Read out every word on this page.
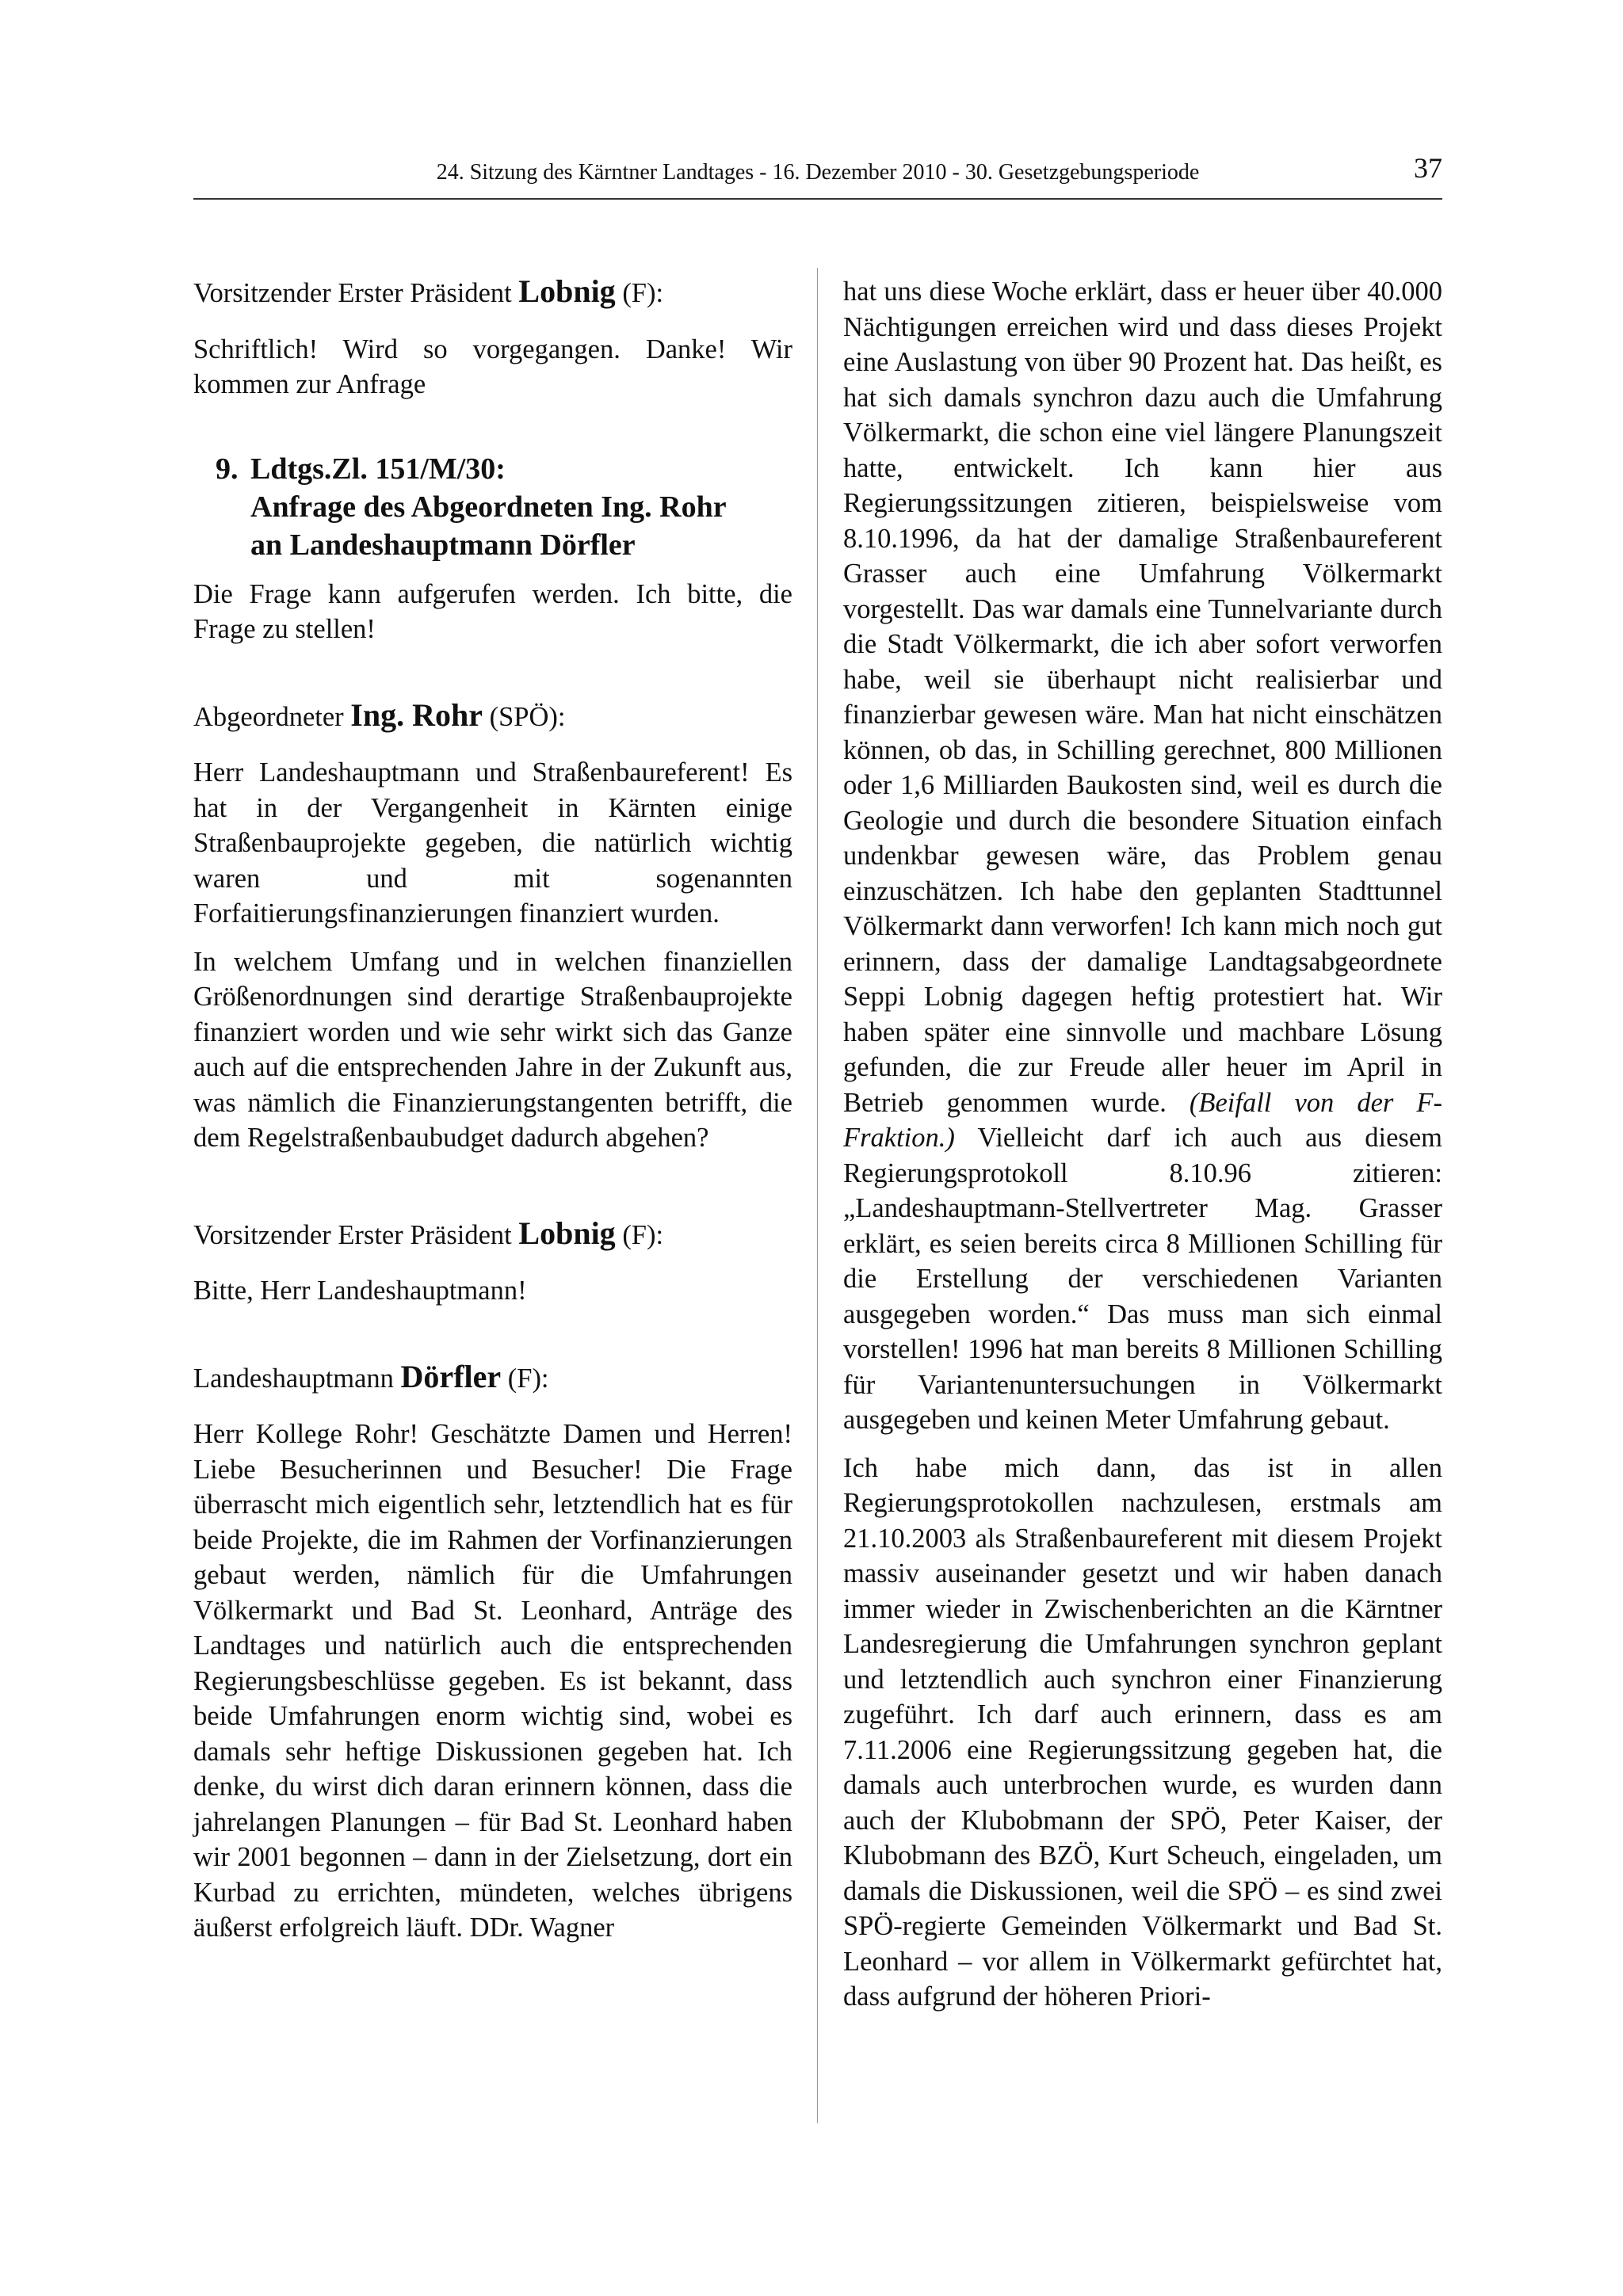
24. Sitzung des Kärntner Landtages - 16. Dezember 2010 - 30. Gesetzgebungsperiode	37

Vorsitzender Erster Präsident Lobnig (F):

Schriftlich! Wird so vorgegangen. Danke! Wir kommen zur Anfrage

9. Ldtgs.Zl. 151/M/30:
Anfrage des Abgeordneten Ing. Rohr
an Landeshauptmann Dörfler

Die Frage kann aufgerufen werden. Ich bitte, die Frage zu stellen!

Abgeordneter Ing. Rohr (SPÖ):

Herr Landeshauptmann und Straßenbaureferent! Es hat in der Vergangenheit in Kärnten einige Straßenbauprojekte gegeben, die natürlich wichtig waren und mit sogenannten Forfaitierungsfinanzierungen finanziert wurden.

In welchem Umfang und in welchen finanziellen Größenordnungen sind derartige Straßenbauprojekte finanziert worden und wie sehr wirkt sich das Ganze auch auf die entsprechenden Jahre in der Zukunft aus, was nämlich die Finanzierungstangenten betrifft, die dem Regelstraßenbaubudget dadurch abgehen?

Vorsitzender Erster Präsident Lobnig (F):

Bitte, Herr Landeshauptmann!

Landeshauptmann Dörfler (F):

Herr Kollege Rohr! Geschätzte Damen und Herren! Liebe Besucherinnen und Besucher! Die Frage überrascht mich eigentlich sehr, letztendlich hat es für beide Projekte, die im Rahmen der Vorfinanzierungen gebaut werden, nämlich für die Umfahrungen Völkermarkt und Bad St. Leonhard, Anträge des Landtages und natürlich auch die entsprechenden Regierungsbeschlüsse gegeben. Es ist bekannt, dass beide Umfahrungen enorm wichtig sind, wobei es damals sehr heftige Diskussionen gegeben hat. Ich denke, du wirst dich daran erinnern können, dass die jahrelangen Planungen – für Bad St. Leonhard haben wir 2001 begonnen – dann in der Zielsetzung, dort ein Kurbad zu errichten, mündeten, welches übrigens äußerst erfolgreich läuft. DDr. Wagner

hat uns diese Woche erklärt, dass er heuer über 40.000 Nächtigungen erreichen wird und dass dieses Projekt eine Auslastung von über 90 Prozent hat. Das heißt, es hat sich damals synchron dazu auch die Umfahrung Völkermarkt, die schon eine viel längere Planungszeit hatte, entwickelt. Ich kann hier aus Regierungssitzungen zitieren, beispielsweise vom 8.10.1996, da hat der damalige Straßenbaureferent Grasser auch eine Umfahrung Völkermarkt vorgestellt. Das war damals eine Tunnelvariante durch die Stadt Völkermarkt, die ich aber sofort verworfen habe, weil sie überhaupt nicht realisierbar und finanzierbar gewesen wäre. Man hat nicht einschätzen können, ob das, in Schilling gerechnet, 800 Millionen oder 1,6 Milliarden Baukosten sind, weil es durch die Geologie und durch die besondere Situation einfach undenkbar gewesen wäre, das Problem genau einzuschätzen. Ich habe den geplanten Stadttunnel Völkermarkt dann verworfen! Ich kann mich noch gut erinnern, dass der damalige Landtagsabgeordnete Seppi Lobnig dagegen heftig protestiert hat. Wir haben später eine sinnvolle und machbare Lösung gefunden, die zur Freude aller heuer im April in Betrieb genommen wurde. (Beifall von der F-Fraktion.) Vielleicht darf ich auch aus diesem Regierungsprotokoll 8.10.96 zitieren: „Landeshauptmann-Stellvertreter Mag. Grasser erklärt, es seien bereits circa 8 Millionen Schilling für die Erstellung der verschiedenen Varianten ausgegeben worden.“ Das muss man sich einmal vorstellen! 1996 hat man bereits 8 Millionen Schilling für Variantenuntersuchungen in Völkermarkt ausgegeben und keinen Meter Umfahrung gebaut.

Ich habe mich dann, das ist in allen Regierungsprotokollen nachzulesen, erstmals am 21.10.2003 als Straßenbaureferent mit diesem Projekt massiv auseinander gesetzt und wir haben danach immer wieder in Zwischenberichten an die Kärntner Landesregierung die Umfahrungen synchron geplant und letztendlich auch synchron einer Finanzierung zugeführt. Ich darf auch erinnern, dass es am 7.11.2006 eine Regierungssitzung gegeben hat, die damals auch unterbrochen wurde, es wurden dann auch der Klubobmann der SPÖ, Peter Kaiser, der Klubobmann des BZÖ, Kurt Scheuch, eingeladen, um damals die Diskussionen, weil die SPÖ – es sind zwei SPÖ-regierte Gemeinden Völkermarkt und Bad St. Leonhard – vor allem in Völkermarkt gefürchtet hat, dass aufgrund der höheren Priori-
